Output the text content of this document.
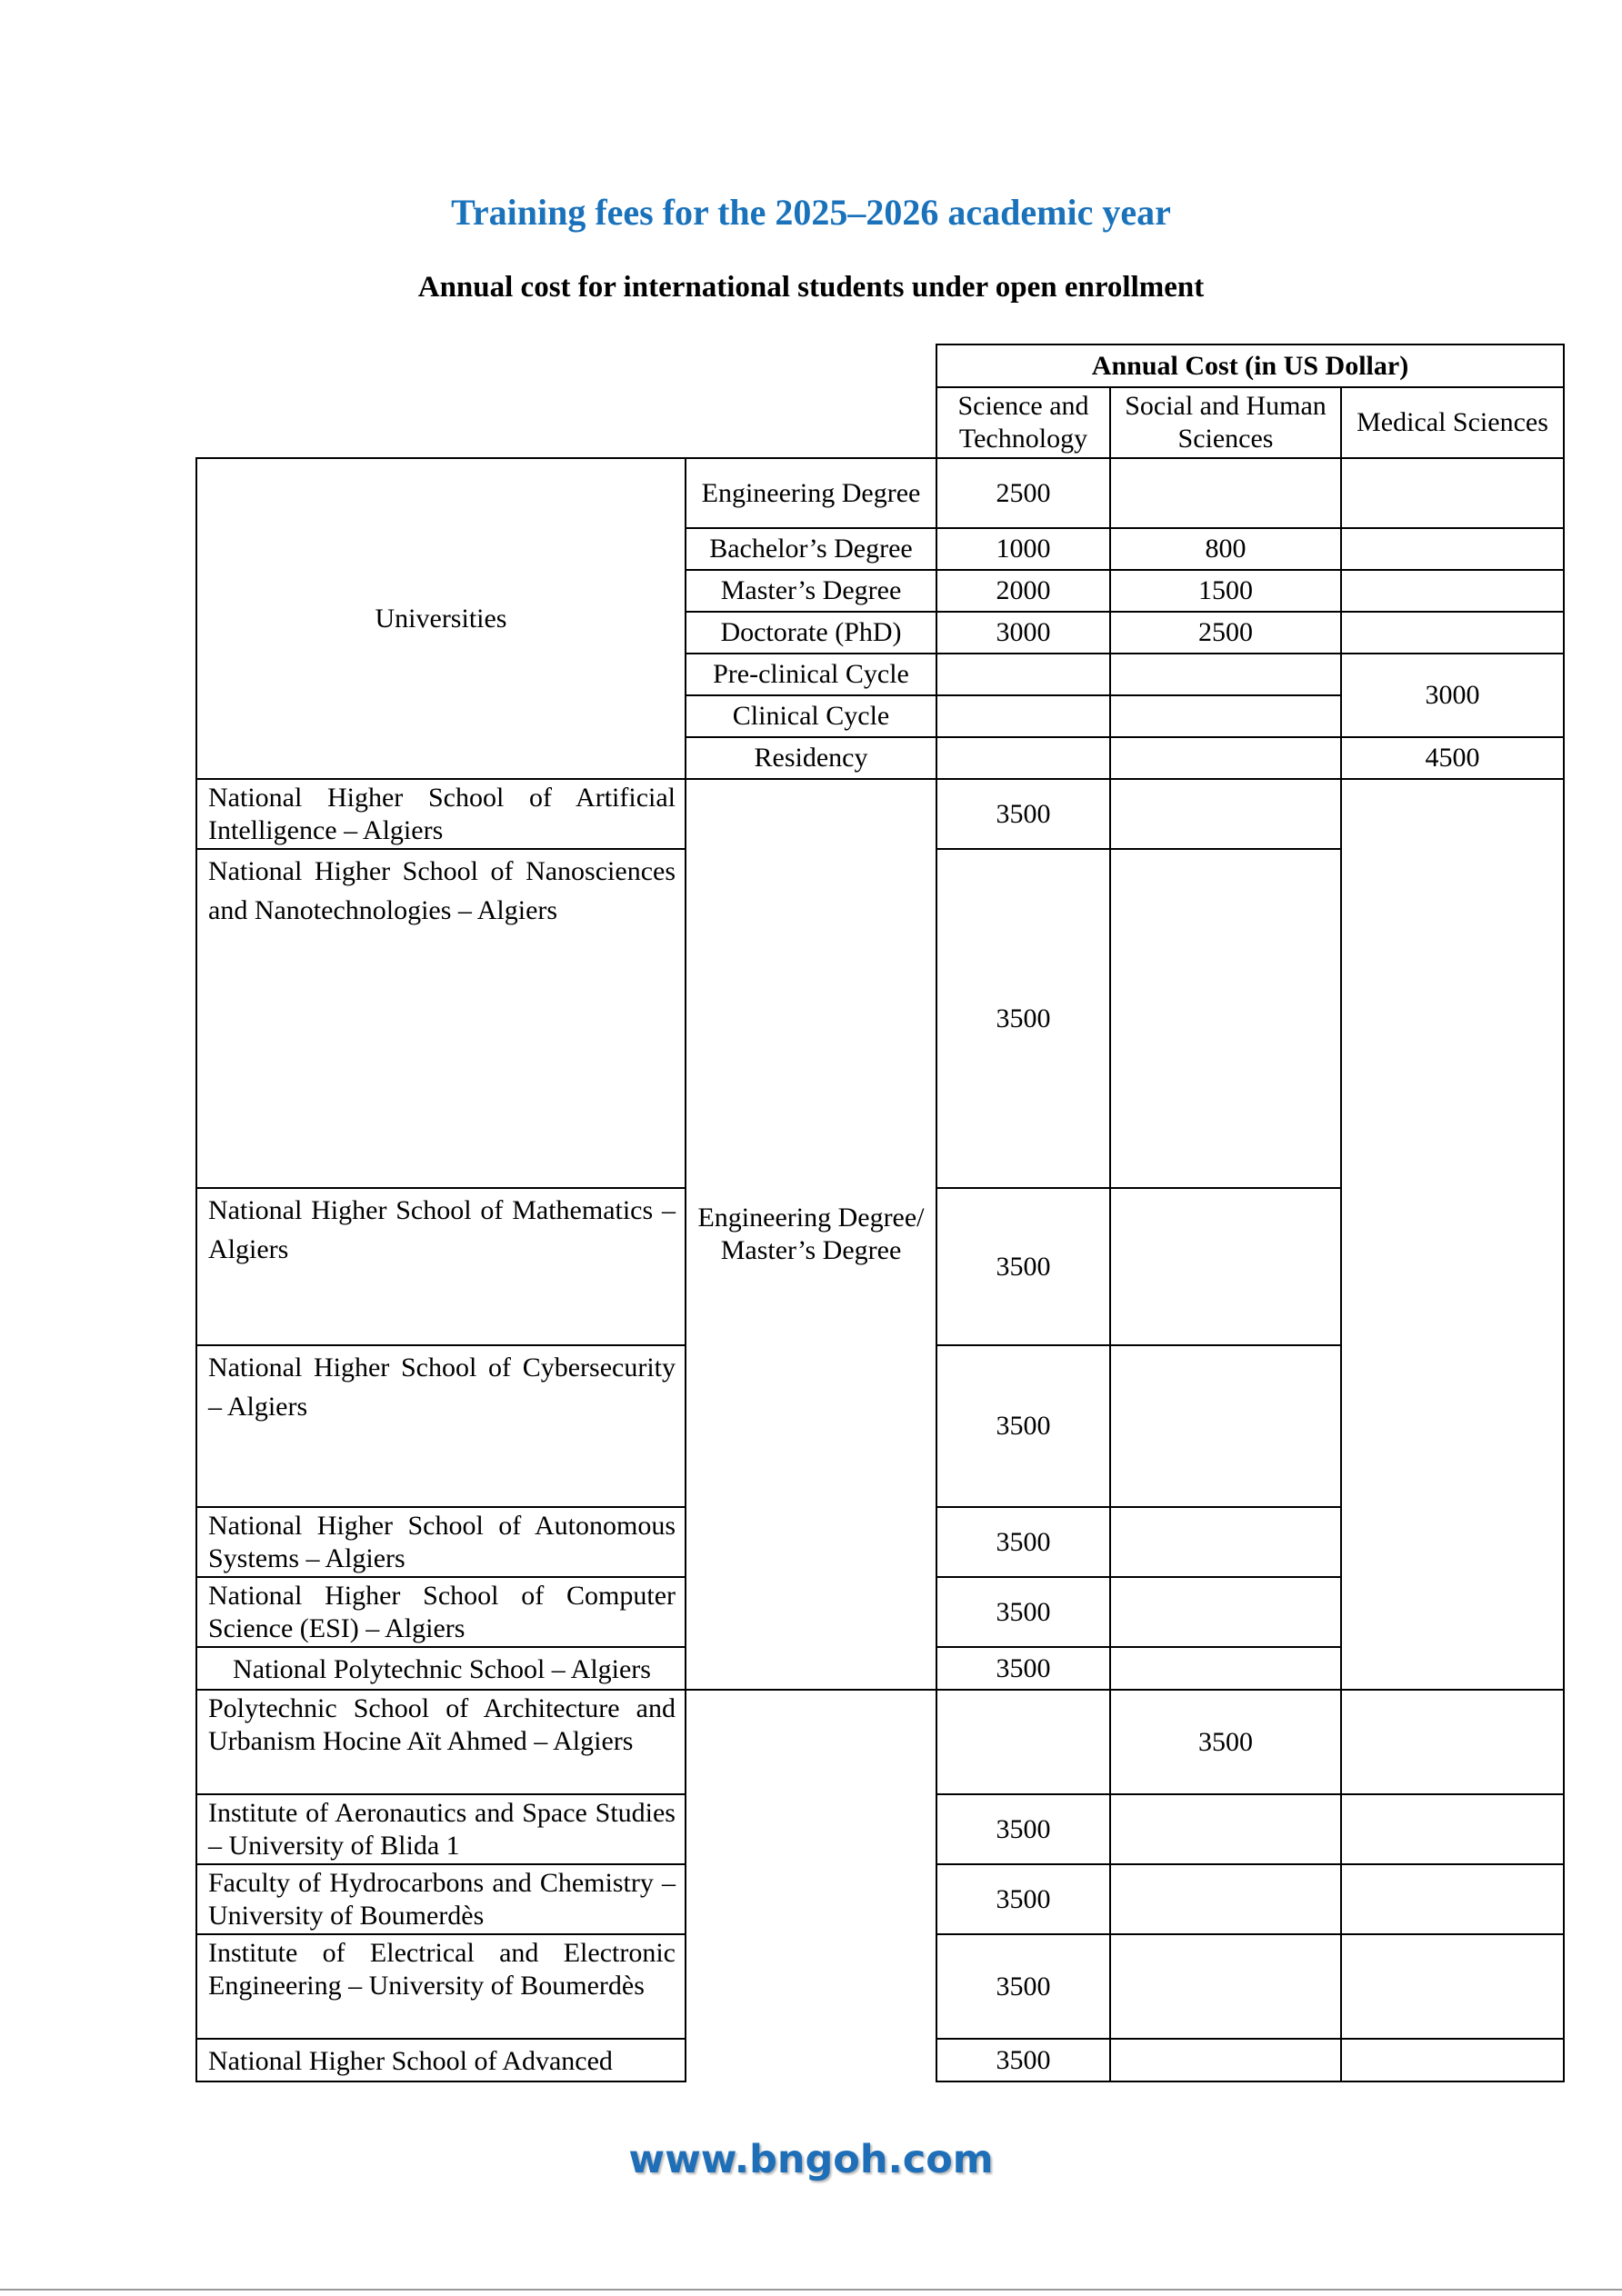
Training fees for the 2025–2026 academic year
Annual cost for international students under open enrollment
		Annual Cost (in US Dollar)		
		Science and Technology	Social and Human Sciences	Medical Sciences
Universities	Engineering Degree	2500		
	Bachelor’s Degree	1000	800	
	Master’s Degree	2000	1500	
	Doctorate (PhD)	3000	2500	
	Pre-clinical Cycle			3000
	Clinical Cycle			
	Residency			4500
National Higher School of Artificial Intelligence – Algiers	Engineering Degree/ Master’s Degree	3500		
National Higher School of Nanosciences and Nanotechnologies – Algiers		3500		
National Higher School of Mathematics – Algiers		3500		
National Higher School of Cybersecurity – Algiers		3500		
National Higher School of Autonomous Systems – Algiers		3500		
National Higher School of Computer Science (ESI) – Algiers		3500		
National Polytechnic School – Algiers		3500		
Polytechnic School of Architecture and Urbanism Hocine Aït Ahmed – Algiers			3500	
Institute of Aeronautics and Space Studies – University of Blida 1		3500		
Faculty of Hydrocarbons and Chemistry – University of Boumerdès		3500		
Institute of Electrical and Electronic Engineering – University of Boumerdès		3500		
National Higher School of Advanced		3500		
www.bngoh.com
